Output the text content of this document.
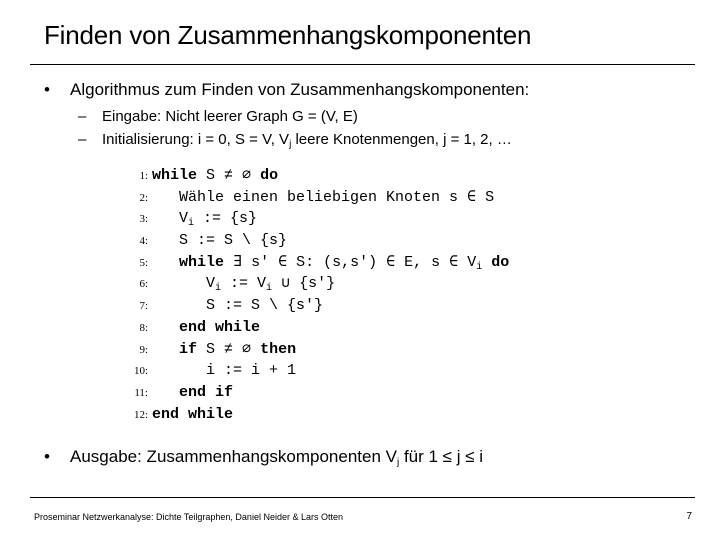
Finden von Zusammenhangskomponenten
• Algorithmus zum Finden von Zusammenhangskomponenten:
– Eingabe: Nicht leerer Graph G = (V, E)
– Initialisierung: i = 0, S = V, $V_j$ leere Knotenmengen, j = 1, 2, …
1: while S ≠ ∅ do
2:   Wähle einen beliebigen Knoten s ∈ S
3:   $V_i$ := {s}
4:   S := S \ {s}
5: while ∃ s' ∈ S: (s,s') ∈ E, s ∈ $V_i$ do
6:      $V_i$ := $V_i$ ∪ {s'}
7:      S := S \ {s'}
8: end while
9: if S ≠ ∅ then
10:      i := i + 1
11: end if
12: end while
• Ausgabe: Zusammenhangskomponenten $V_j$ für 1 ≤ j ≤ i
Proseminar Netzwerkanalyse: Dichte Teilgraphen, Daniel Neider & Lars Otten	7
